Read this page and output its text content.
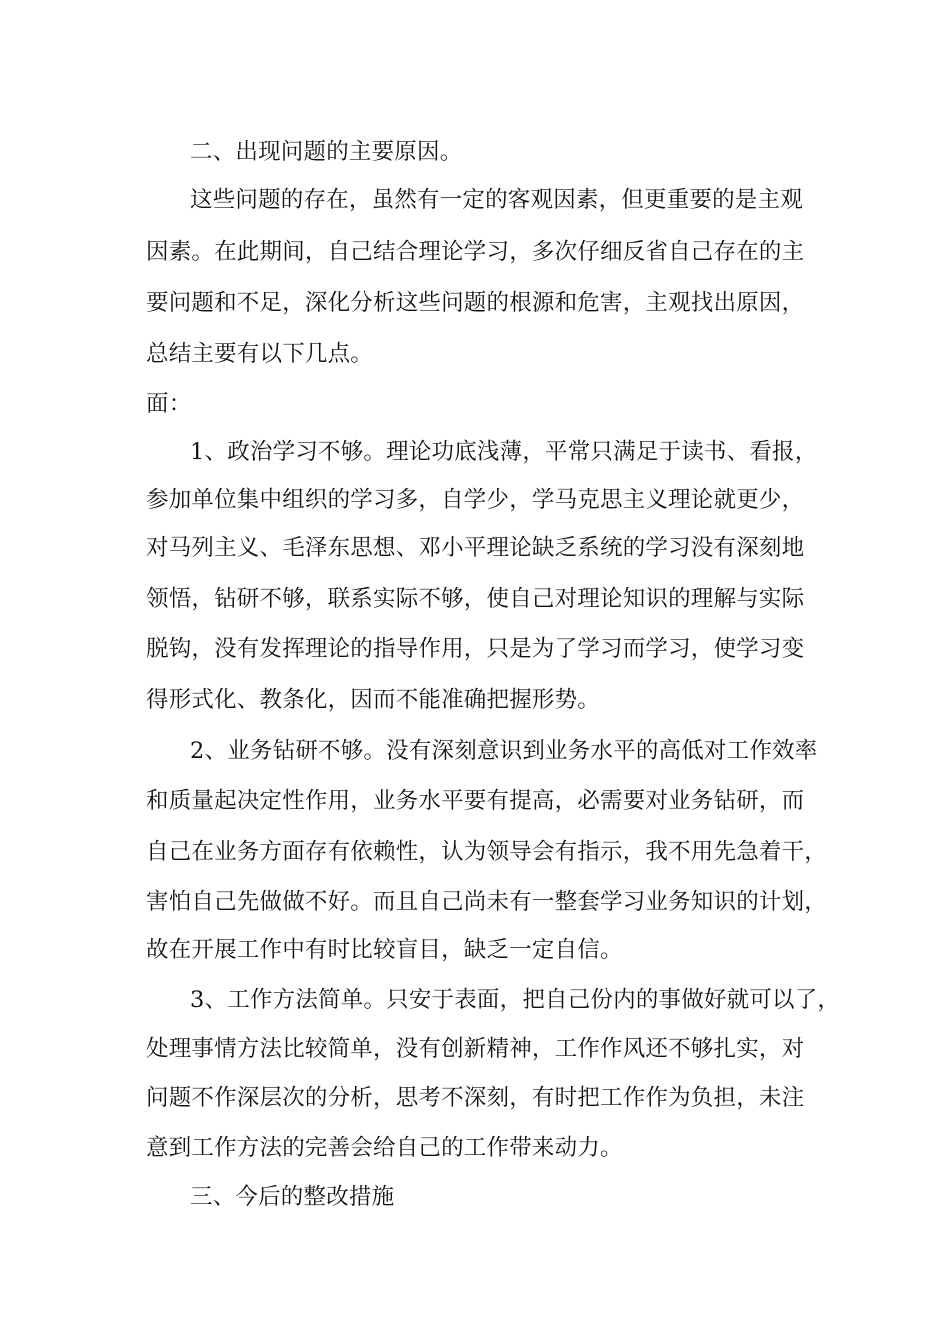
二、出现问题的主要原因。
这些问题的存在，虽然有一定的客观因素，但更重要的是主观
因素。在此期间，自己结合理论学习，多次仔细反省自己存在的主
要问题和不足，深化分析这些问题的根源和危害，主观找出原因，
总结主要有以下几点。
面：
1、政治学习不够。理论功底浅薄，平常只满足于读书、看报，
参加单位集中组织的学习多，自学少，学马克思主义理论就更少，
对马列主义、毛泽东思想、邓小平理论缺乏系统的学习没有深刻地
领悟，钻研不够，联系实际不够，使自己对理论知识的理解与实际
脱钩，没有发挥理论的指导作用，只是为了学习而学习，使学习变
得形式化、教条化，因而不能准确把握形势。
2、业务钻研不够。没有深刻意识到业务水平的高低对工作效率
和质量起决定性作用，业务水平要有提高，必需要对业务钻研，而
自己在业务方面存有依赖性，认为领导会有指示，我不用先急着干，
害怕自己先做做不好。而且自己尚未有一整套学习业务知识的计划，
故在开展工作中有时比较盲目，缺乏一定自信。
3、工作方法简单。只安于表面，把自己份内的事做好就可以了，
处理事情方法比较简单，没有创新精神，工作作风还不够扎实，对
问题不作深层次的分析，思考不深刻，有时把工作作为负担，未注
意到工作方法的完善会给自己的工作带来动力。
三、今后的整改措施
